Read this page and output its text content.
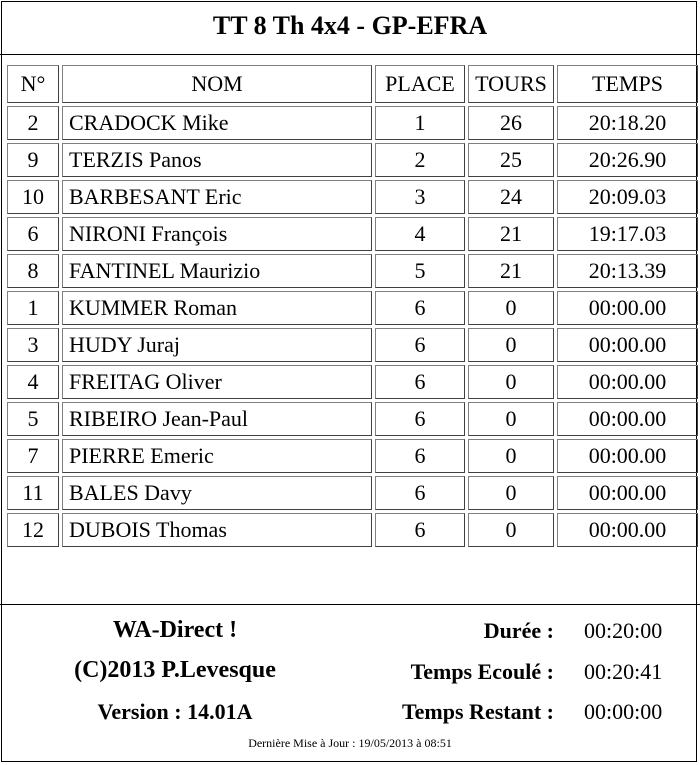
TT 8 Th 4x4 - GP-EFRA
N°	NOM	PLACE	TOURS	TEMPS
2	CRADOCK Mike	1	26	20:18.20
9	TERZIS Panos	2	25	20:26.90
10	BARBESANT Eric	3	24	20:09.03
6	NIRONI François	4	21	19:17.03
8	FANTINEL Maurizio	5	21	20:13.39
1	KUMMER Roman	6	0	00:00.00
3	HUDY Juraj	6	0	00:00.00
4	FREITAG Oliver	6	0	00:00.00
5	RIBEIRO Jean-Paul	6	0	00:00.00
7	PIERRE Emeric	6	0	00:00.00
11	BALES Davy	6	0	00:00.00
12	DUBOIS Thomas	6	0	00:00.00
WA-Direct !
(C)2013 P.Levesque
Version : 14.01A
Durée : 00:20:00
Temps Ecoulé : 00:20:41
Temps Restant : 00:00:00
Dernière Mise à Jour : 19/05/2013 à 08:51
